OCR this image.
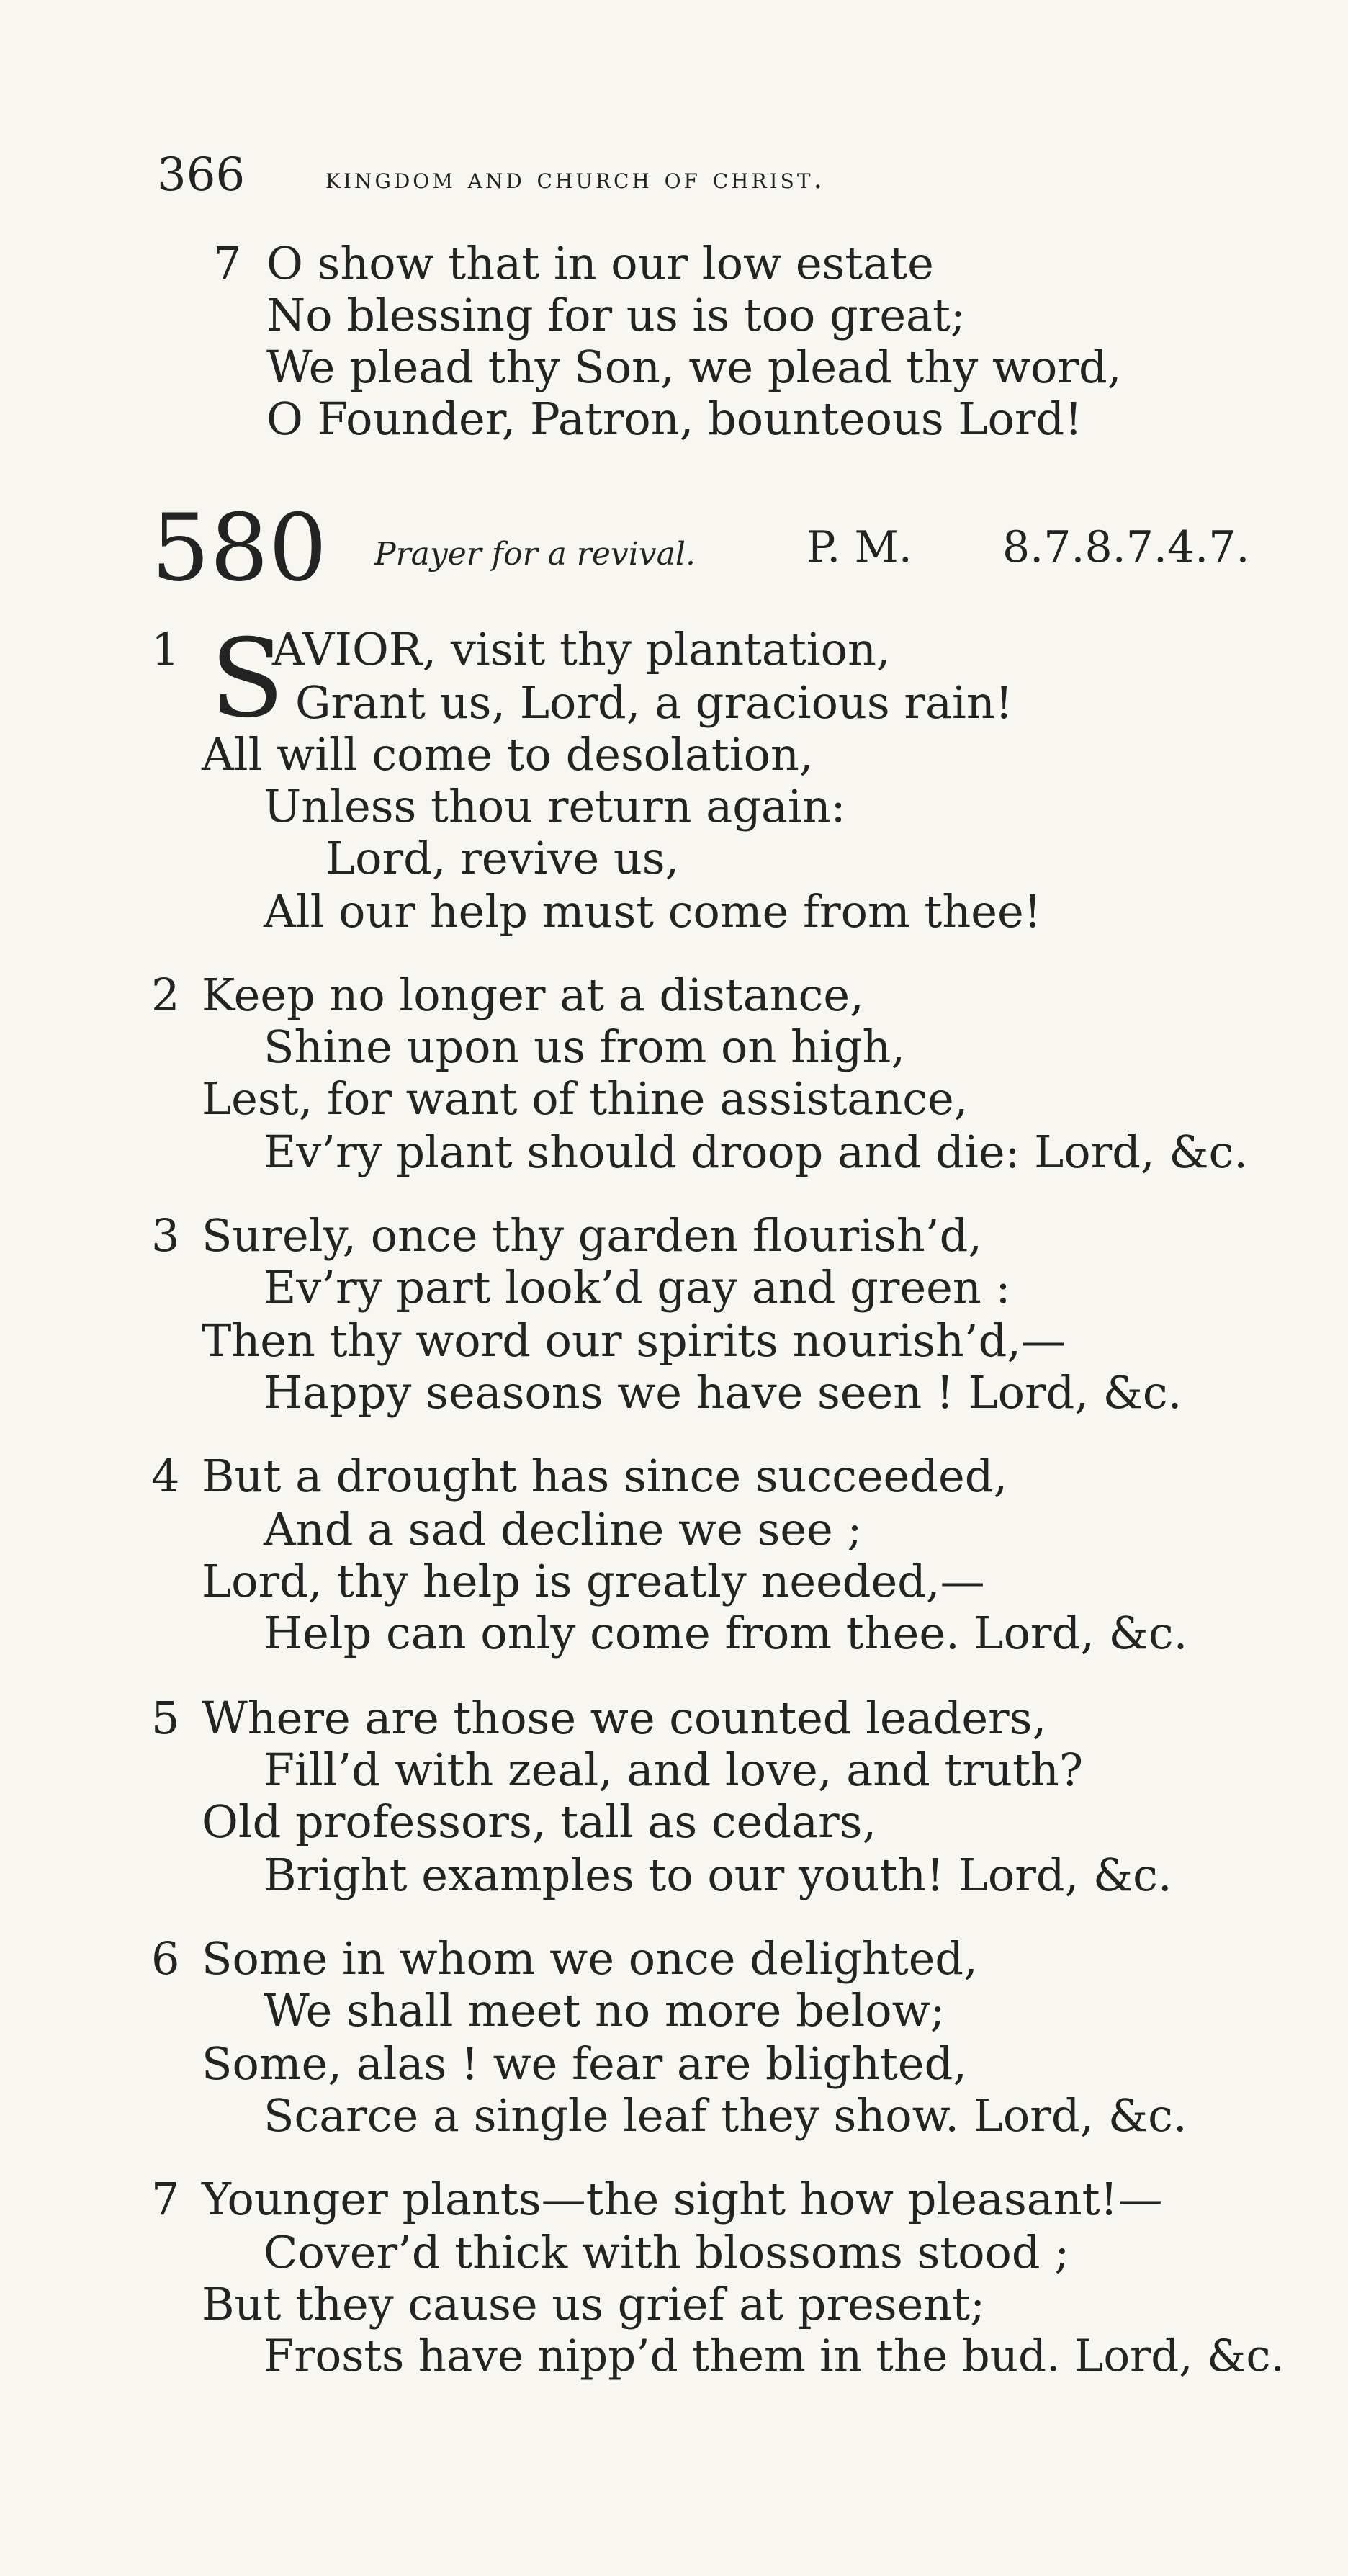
366	kingdom and church of christ.
7 O show that in our low estate
No blessing for us is too great;
We plead thy Son, we plead thy word,
O Founder, Patron, bounteous Lord!
580 Prayer for a revival.	P. M. 8.7.8.7.4.7.
1 S
AVIOR, visit thy plantation,
Grant us, Lord, a gracious rain!
All will come to desolation,
Unless thou return again:
Lord, revive us,
All our help must come from thee!
2 Keep no longer at a distance,
Shine upon us from on high,
Lest, for want of thine assistance,
Ev’ry plant should droop and die: Lord, &c.
3 Surely, once thy garden flourish’d,
Ev’ry part look’d gay and green :
Then thy word our spirits nourish’d,—
Happy seasons we have seen ! Lord, &c.
4 But a drought has since succeeded,
And a sad decline we see ;
Lord, thy help is greatly needed,—
Help can only come from thee. Lord, &c.
5 Where are those we counted leaders,
Fill’d with zeal, and love, and truth?
Old professors, tall as cedars,
Bright examples to our youth! Lord, &c.
6 Some in whom we once delighted,
We shall meet no more below;
Some, alas ! we fear are blighted,
Scarce a single leaf they show. Lord, &c.
7 Younger plants—the sight how pleasant!—
Cover’d thick with blossoms stood ;
But they cause us grief at present;
Frosts have nipp’d them in the bud. Lord, &c.
